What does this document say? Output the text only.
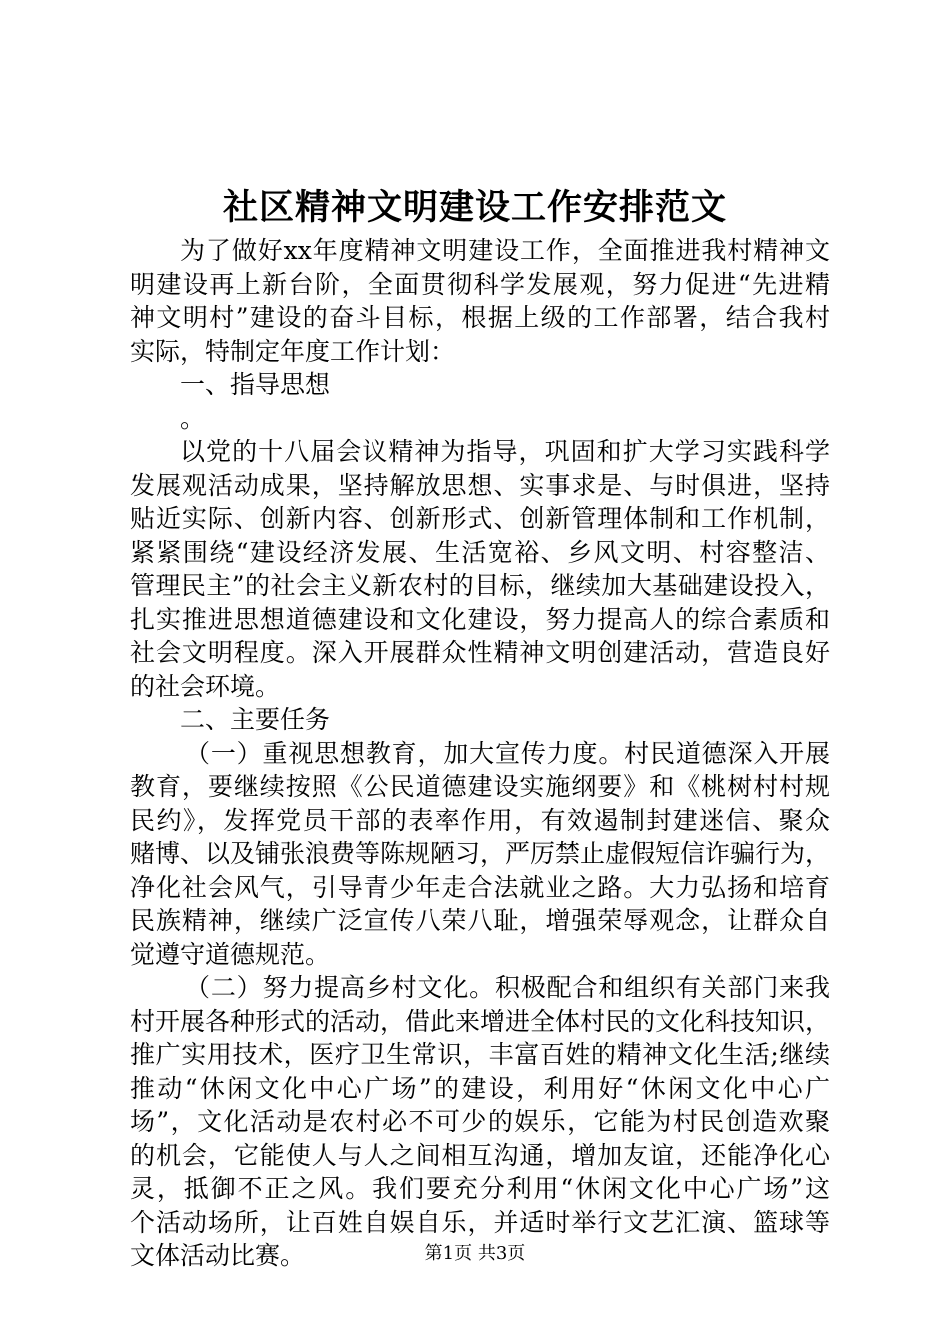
社区精神文明建设工作安排范文
为了做好xx年度精神文明建设工作，全面推进我村精神文
明建设再上新台阶，全面贯彻科学发展观，努力促进“先进精
神文明村”建设的奋斗目标，根据上级的工作部署，结合我村
实际，特制定年度工作计划：
一、指导思想
。
以党的十八届会议精神为指导，巩固和扩大学习实践科学
发展观活动成果，坚持解放思想、实事求是、与时俱进，坚持
贴近实际、创新内容、创新形式、创新管理体制和工作机制，
紧紧围绕“建设经济发展、生活宽裕、乡风文明、村容整洁、
管理民主”的社会主义新农村的目标，继续加大基础建设投入，
扎实推进思想道德建设和文化建设，努力提高人的综合素质和
社会文明程度。深入开展群众性精神文明创建活动，营造良好
的社会环境。
二、主要任务
（一）重视思想教育，加大宣传力度。村民道德深入开展
教育，要继续按照《公民道德建设实施纲要》和《桃树村村规
民约》，发挥党员干部的表率作用，有效遏制封建迷信、聚众
赌博、以及铺张浪费等陈规陋习，严厉禁止虚假短信诈骗行为，
净化社会风气，引导青少年走合法就业之路。大力弘扬和培育
民族精神，继续广泛宣传八荣八耻，增强荣辱观念，让群众自
觉遵守道德规范。
（二）努力提高乡村文化。积极配合和组织有关部门来我
村开展各种形式的活动，借此来增进全体村民的文化科技知识，
推广实用技术，医疗卫生常识，丰富百姓的精神文化生活;继续
推动“休闲文化中心广场”的建设，利用好“休闲文化中心广
场”，文化活动是农村必不可少的娱乐，它能为村民创造欢聚
的机会，它能使人与人之间相互沟通，增加友谊，还能净化心
灵，抵御不正之风。我们要充分利用“休闲文化中心广场”这
个活动场所，让百姓自娱自乐，并适时举行文艺汇演、篮球等
文体活动比赛。	第1页 共3页
